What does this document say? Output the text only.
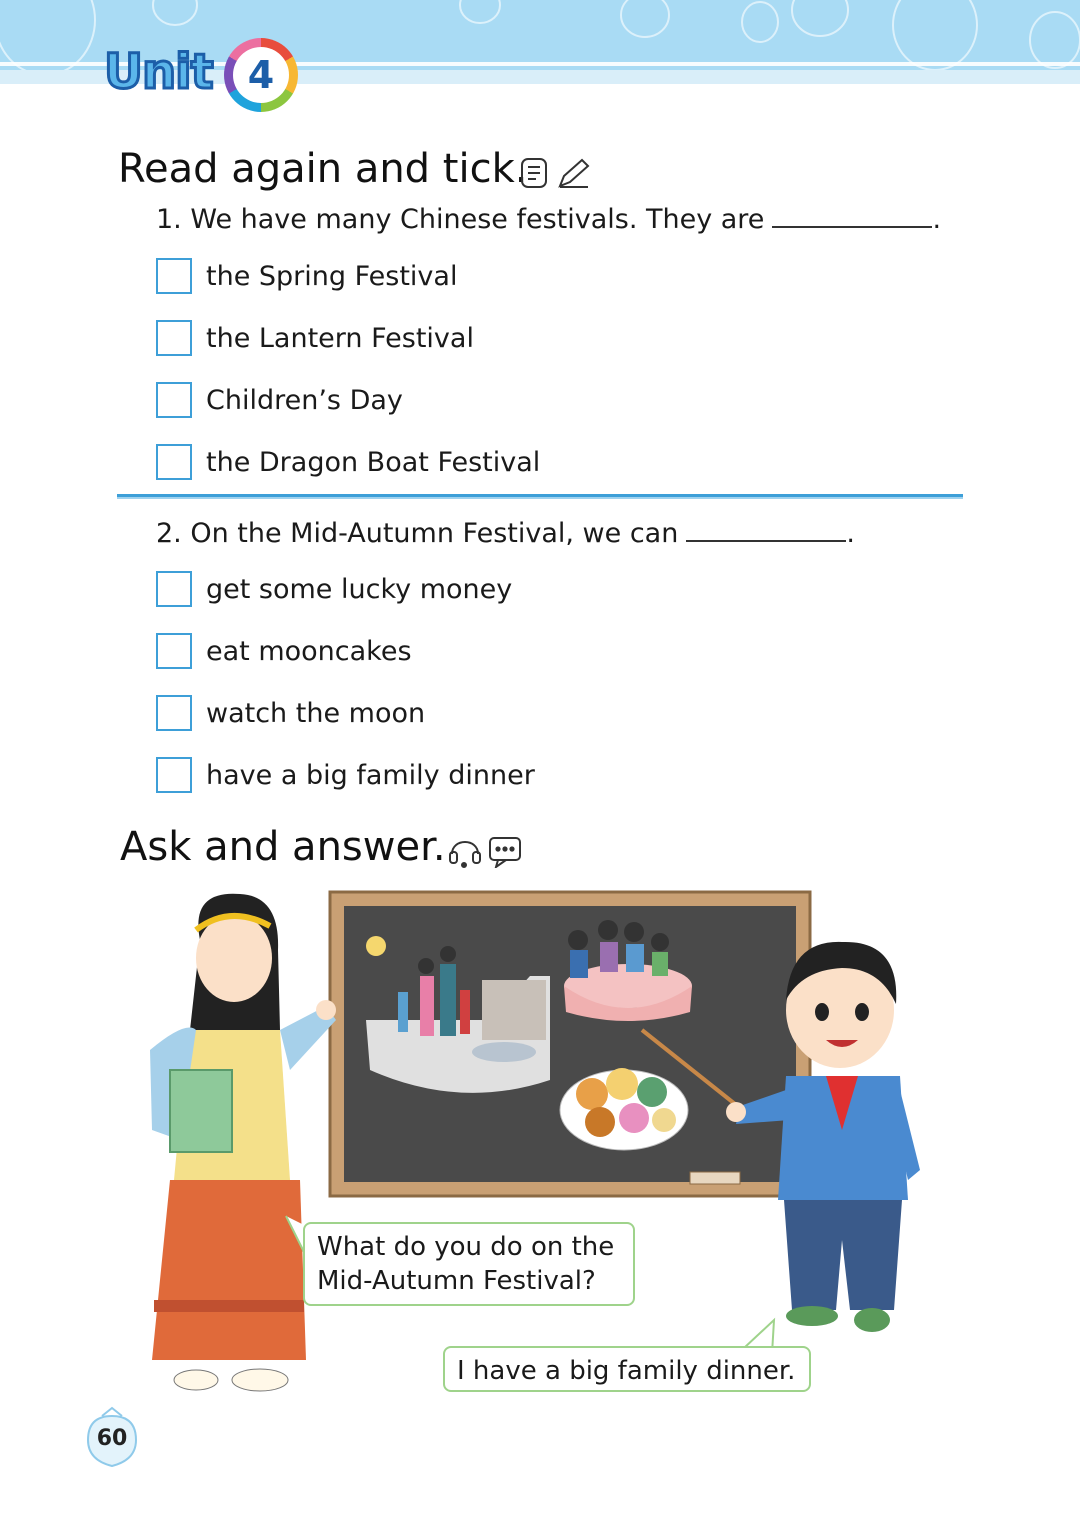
Unit 4
Read again and tick.

1. We have many Chinese festivals. They are	.

the Spring Festival
the Lantern Festival
Children’s Day
the Dragon Boat Festival

2. On the Mid-Autumn Festival, we can	.

get some lucky money
eat mooncakes
watch the moon
have a big family dinner
Ask and answer.
What do you do on the
Mid-Autumn Festival?
I have a big family dinner.
60
